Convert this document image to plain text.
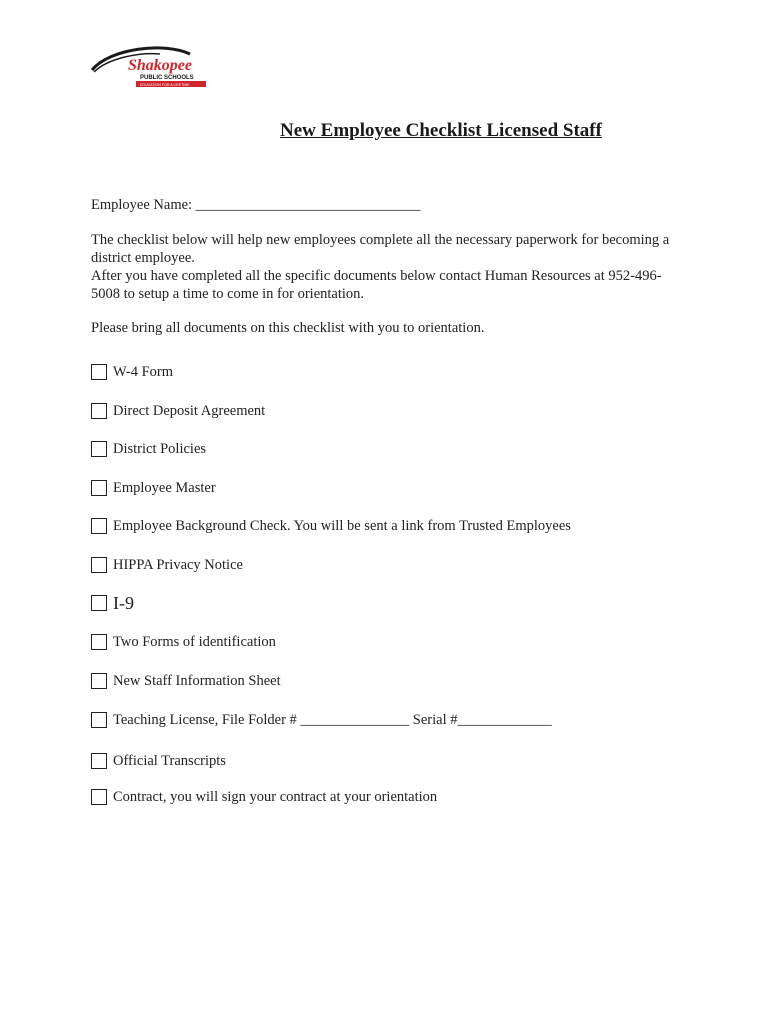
Shakopee
PUBLIC SCHOOLS
EDUCATION FOR A LIFETIME
New Employee Checklist Licensed Staff
Employee Name: _______________________________

The checklist below will help new employees complete all the necessary paperwork for becoming a district employee.

After you have completed all the specific documents below contact Human Resources at 952-496-5008 to setup a time to come in for orientation.

Please bring all documents on this checklist with you to orientation.
W-4 Form
Direct Deposit Agreement
District Policies
Employee Master
Employee Background Check. You will be sent a link from Trusted Employees
HIPPA Privacy Notice
I-9
Two Forms of identification
New Staff Information Sheet
Teaching License, File Folder # _______________ Serial #_____________
Official Transcripts
Contract, you will sign your contract at your orientation
